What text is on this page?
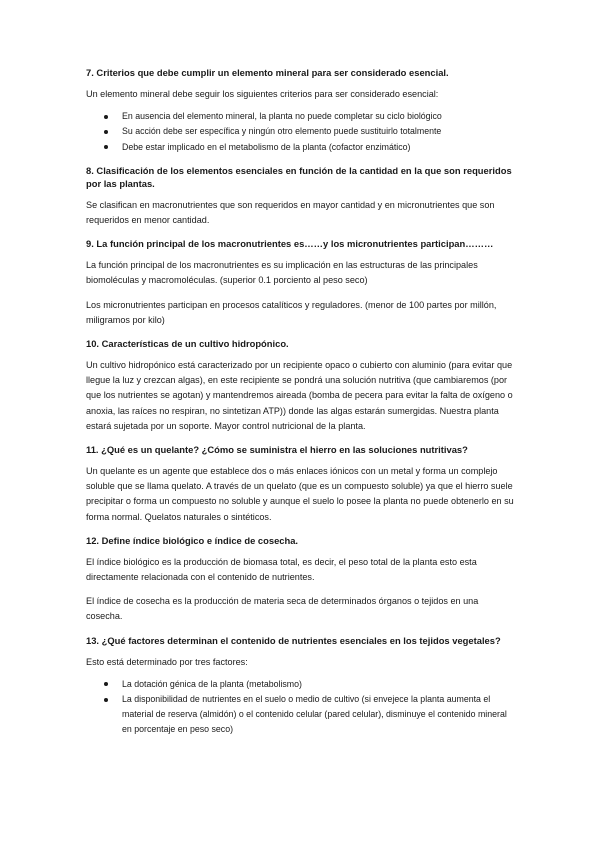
7. Criterios que debe cumplir un elemento mineral para ser considerado esencial.
Un elemento mineral debe seguir los siguientes criterios para ser considerado esencial:
En ausencia del elemento mineral, la planta no puede completar su ciclo biológico
Su acción debe ser específica y ningún otro elemento puede sustituirlo totalmente
Debe estar implicado en el metabolismo de la planta (cofactor enzimático)
8. Clasificación de los elementos esenciales en función de la cantidad en la que son requeridos por las plantas.
Se clasifican en macronutrientes que son requeridos en mayor cantidad y en micronutrientes que son requeridos en menor cantidad.
9. La función principal de los macronutrientes es……y los micronutrientes participan………
La función principal de los macronutrientes es su implicación en las estructuras de las principales biomoléculas y macromoléculas. (superior 0.1 porciento al peso seco)
Los micronutrientes participan en procesos catalíticos y reguladores. (menor de 100 partes por millón, miligramos por kilo)
10. Características de un cultivo hidropónico.
Un cultivo hidropónico está caracterizado por un recipiente opaco o cubierto con aluminio (para evitar que llegue la luz y crezcan algas), en este recipiente se pondrá una solución nutritiva (que cambiaremos (por que los nutrientes se agotan) y mantendremos aireada (bomba de pecera para evitar la falta de oxígeno o anoxia, las raíces no respiran, no sintetizan ATP)) donde las algas estarán sumergidas. Nuestra planta estará sujetada por un soporte. Mayor control nutricional de la planta.
11. ¿Qué es un quelante? ¿Cómo se suministra el hierro en las soluciones nutritivas?
Un quelante es un agente que establece dos o más enlaces iónicos con un metal y forma un complejo soluble que se llama quelato. A través de un quelato (que es un compuesto soluble) ya que el hierro suele precipitar o forma un compuesto no soluble y aunque el suelo lo posee la planta no puede obtenerlo en su forma normal. Quelatos naturales o sintéticos.
12. Define índice biológico e índice de cosecha.
El índice biológico es la producción de biomasa total, es decir, el peso total de la planta esto esta directamente relacionada con el contenido de nutrientes.
El índice de cosecha es la producción de materia seca de determinados órganos o tejidos en una cosecha.
13. ¿Qué factores determinan el contenido de nutrientes esenciales en los tejidos vegetales?
Esto está determinado por tres factores:
La dotación génica de la planta (metabolismo)
La disponibilidad de nutrientes en el suelo o medio de cultivo (si envejece la planta aumenta el material de reserva (almidón) o el contenido celular (pared celular), disminuye el contenido mineral en porcentaje en peso seco)
